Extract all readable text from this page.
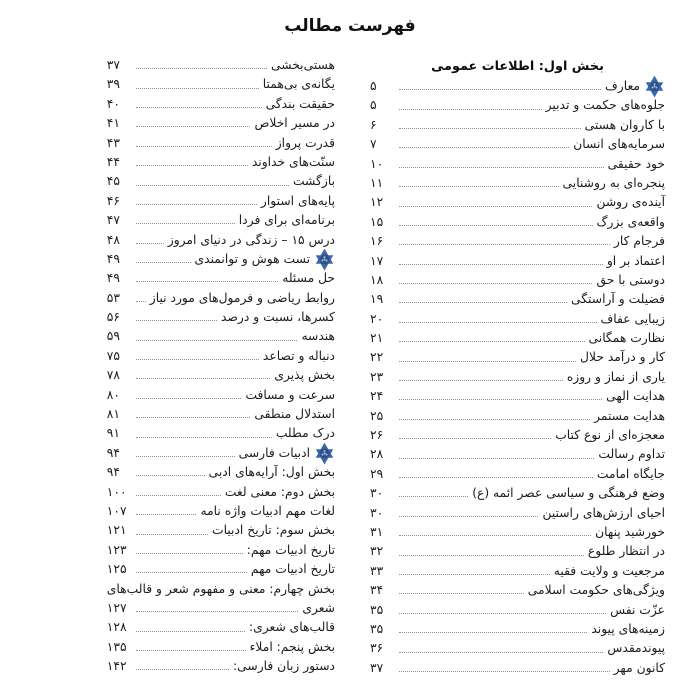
فهرست مطالب
بخش اول: اطلاعات عمومی
معارف
۵
جلوه‌های حکمت و تدبیر
۵
با کاروان هستی
۶
سرمایه‌های انسان
۷
خود حقیقی
۱۰
پنجره‌ای به روشنایی
۱۱
آینده‌ی روشن
۱۲
واقعه‌ی بزرگ
۱۵
فرجام کار
۱۶
اعتماد بر او
۱۷
دوستی با حق
۱۸
فضیلت و آراستگی
۱۹
زیبایی عفاف
۲۰
نظارت همگانی
۲۱
کار و درآمد حلال
۲۲
یاری از نماز و روزه
۲۳
هدایت الهی
۲۴
هدایت مستمر
۲۵
معجزه‌ای از نوع کتاب
۲۶
تداوم رسالت
۲۸
جایگاه امامت
۲۹
وضع فرهنگی و سیاسی عصر ائمه (ع)
۳۰
احیای ارزش‌های راستین
۳۰
خورشید پنهان
۳۱
در انتظار طلوع
۳۲
مرجعیت و ولایت فقیه
۳۳
ویژگی‌های حکومت اسلامی
۳۴
عزّت نفس
۳۵
زمینه‌های پیوند
۳۵
پیوندمقدس
۳۶
کانون مهر
۳۷
هستی‌بخشی
۳۷
یگانه‌ی بی‌همتا
۳۹
حقیقت بندگی
۴۰
در مسیر اخلاص
۴۱
قدرت پرواز
۴۳
سنّت‌های خداوند
۴۴
بازگشت
۴۵
پایه‌های استوار
۴۶
برنامه‌ای برای فردا
۴۷
درس ۱۵ – زندگی در دنیای امروز
۴۸
تست هوش و توانمندی
۴۹
حل مسئله
۴۹
روابط ریاضی و فرمول‌های مورد نیاز
۵۳
کسرها، نسبت و درصد
۵۶
هندسه
۵۹
دنباله و تصاعد
۷۵
بخش پذیری
۷۸
سرعت و مسافت
۸۰
استدلال منطقی
۸۱
درک مطلب
۹۱
ادبیات فارسی
۹۴
بخش اول: آرایه‌های ادبی
۹۴
بخش دوم: معنی لغت
۱۰۰
لغات مهم ادبیات واژه نامه
۱۰۷
بخش سوم: تاریخ ادبیات
۱۲۱
تاریخ ادبیات مهم:
۱۲۳
تاریخ ادبیات مهم
۱۲۵
بخش چهارم: معنی و مفهوم شعر و قالب‌های
شعری
۱۲۷
قالب‌های شعری:
۱۲۸
بخش پنجم: املاء
۱۳۵
دستور زبان فارسی:
۱۴۲
